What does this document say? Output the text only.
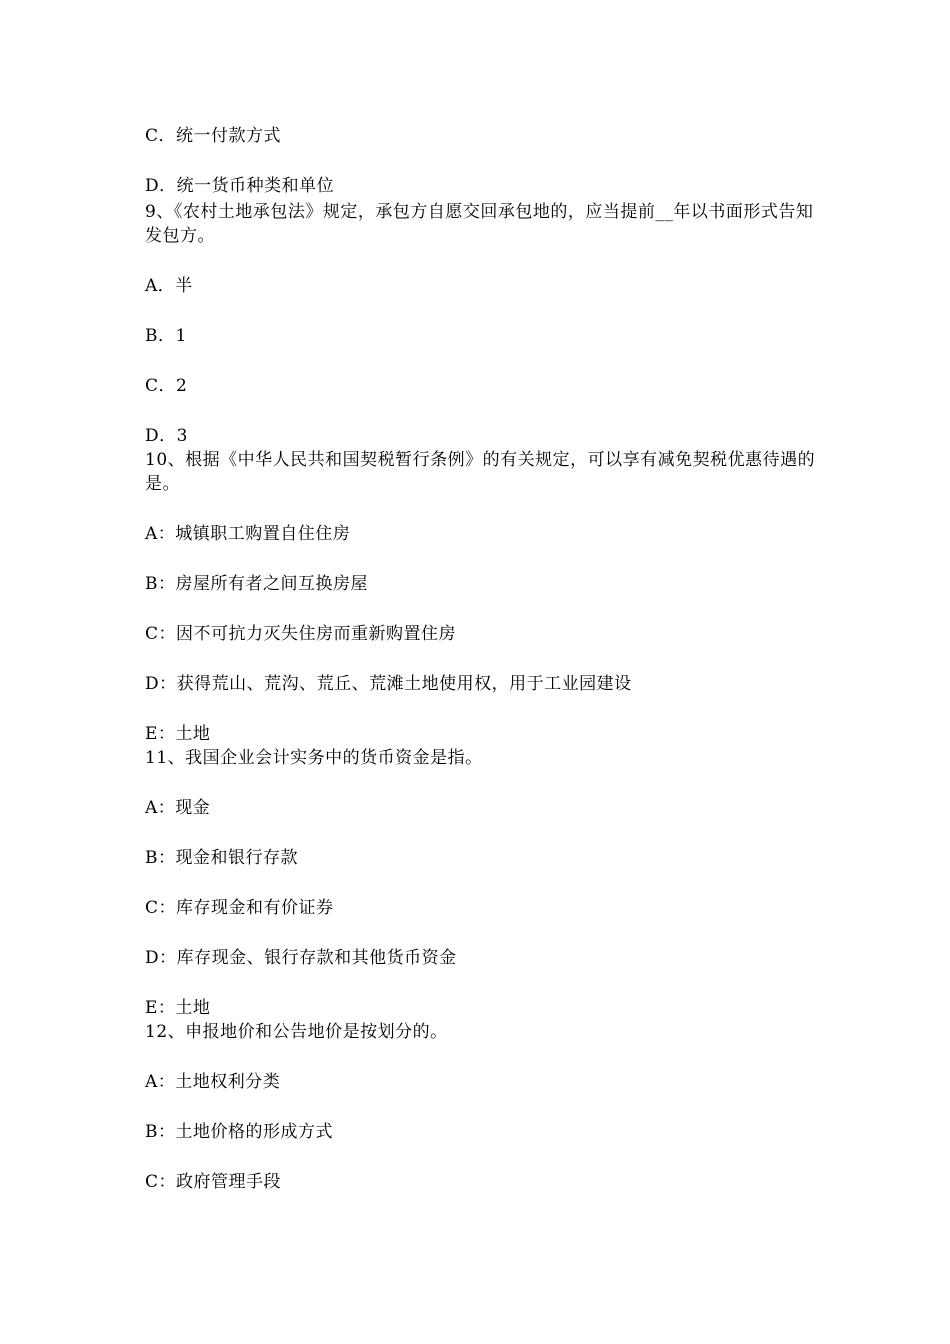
C．统一付款方式
D．统一货币种类和单位
9、《农村土地承包法》规定，承包方自愿交回承包地的，应当提前__年以书面形式告知发包方。
A．半
B．1
C．2
D．3
10、根据《中华人民共和国契税暂行条例》的有关规定，可以享有减免契税优惠待遇的是。
A：城镇职工购置自住住房
B：房屋所有者之间互换房屋
C：因不可抗力灭失住房而重新购置住房
D：获得荒山、荒沟、荒丘、荒滩土地使用权，用于工业园建设
E：土地
11、我国企业会计实务中的货币资金是指。
A：现金
B：现金和银行存款
C：库存现金和有价证券
D：库存现金、银行存款和其他货币资金
E：土地
12、申报地价和公告地价是按划分的。
A：土地权利分类
B：土地价格的形成方式
C：政府管理手段
